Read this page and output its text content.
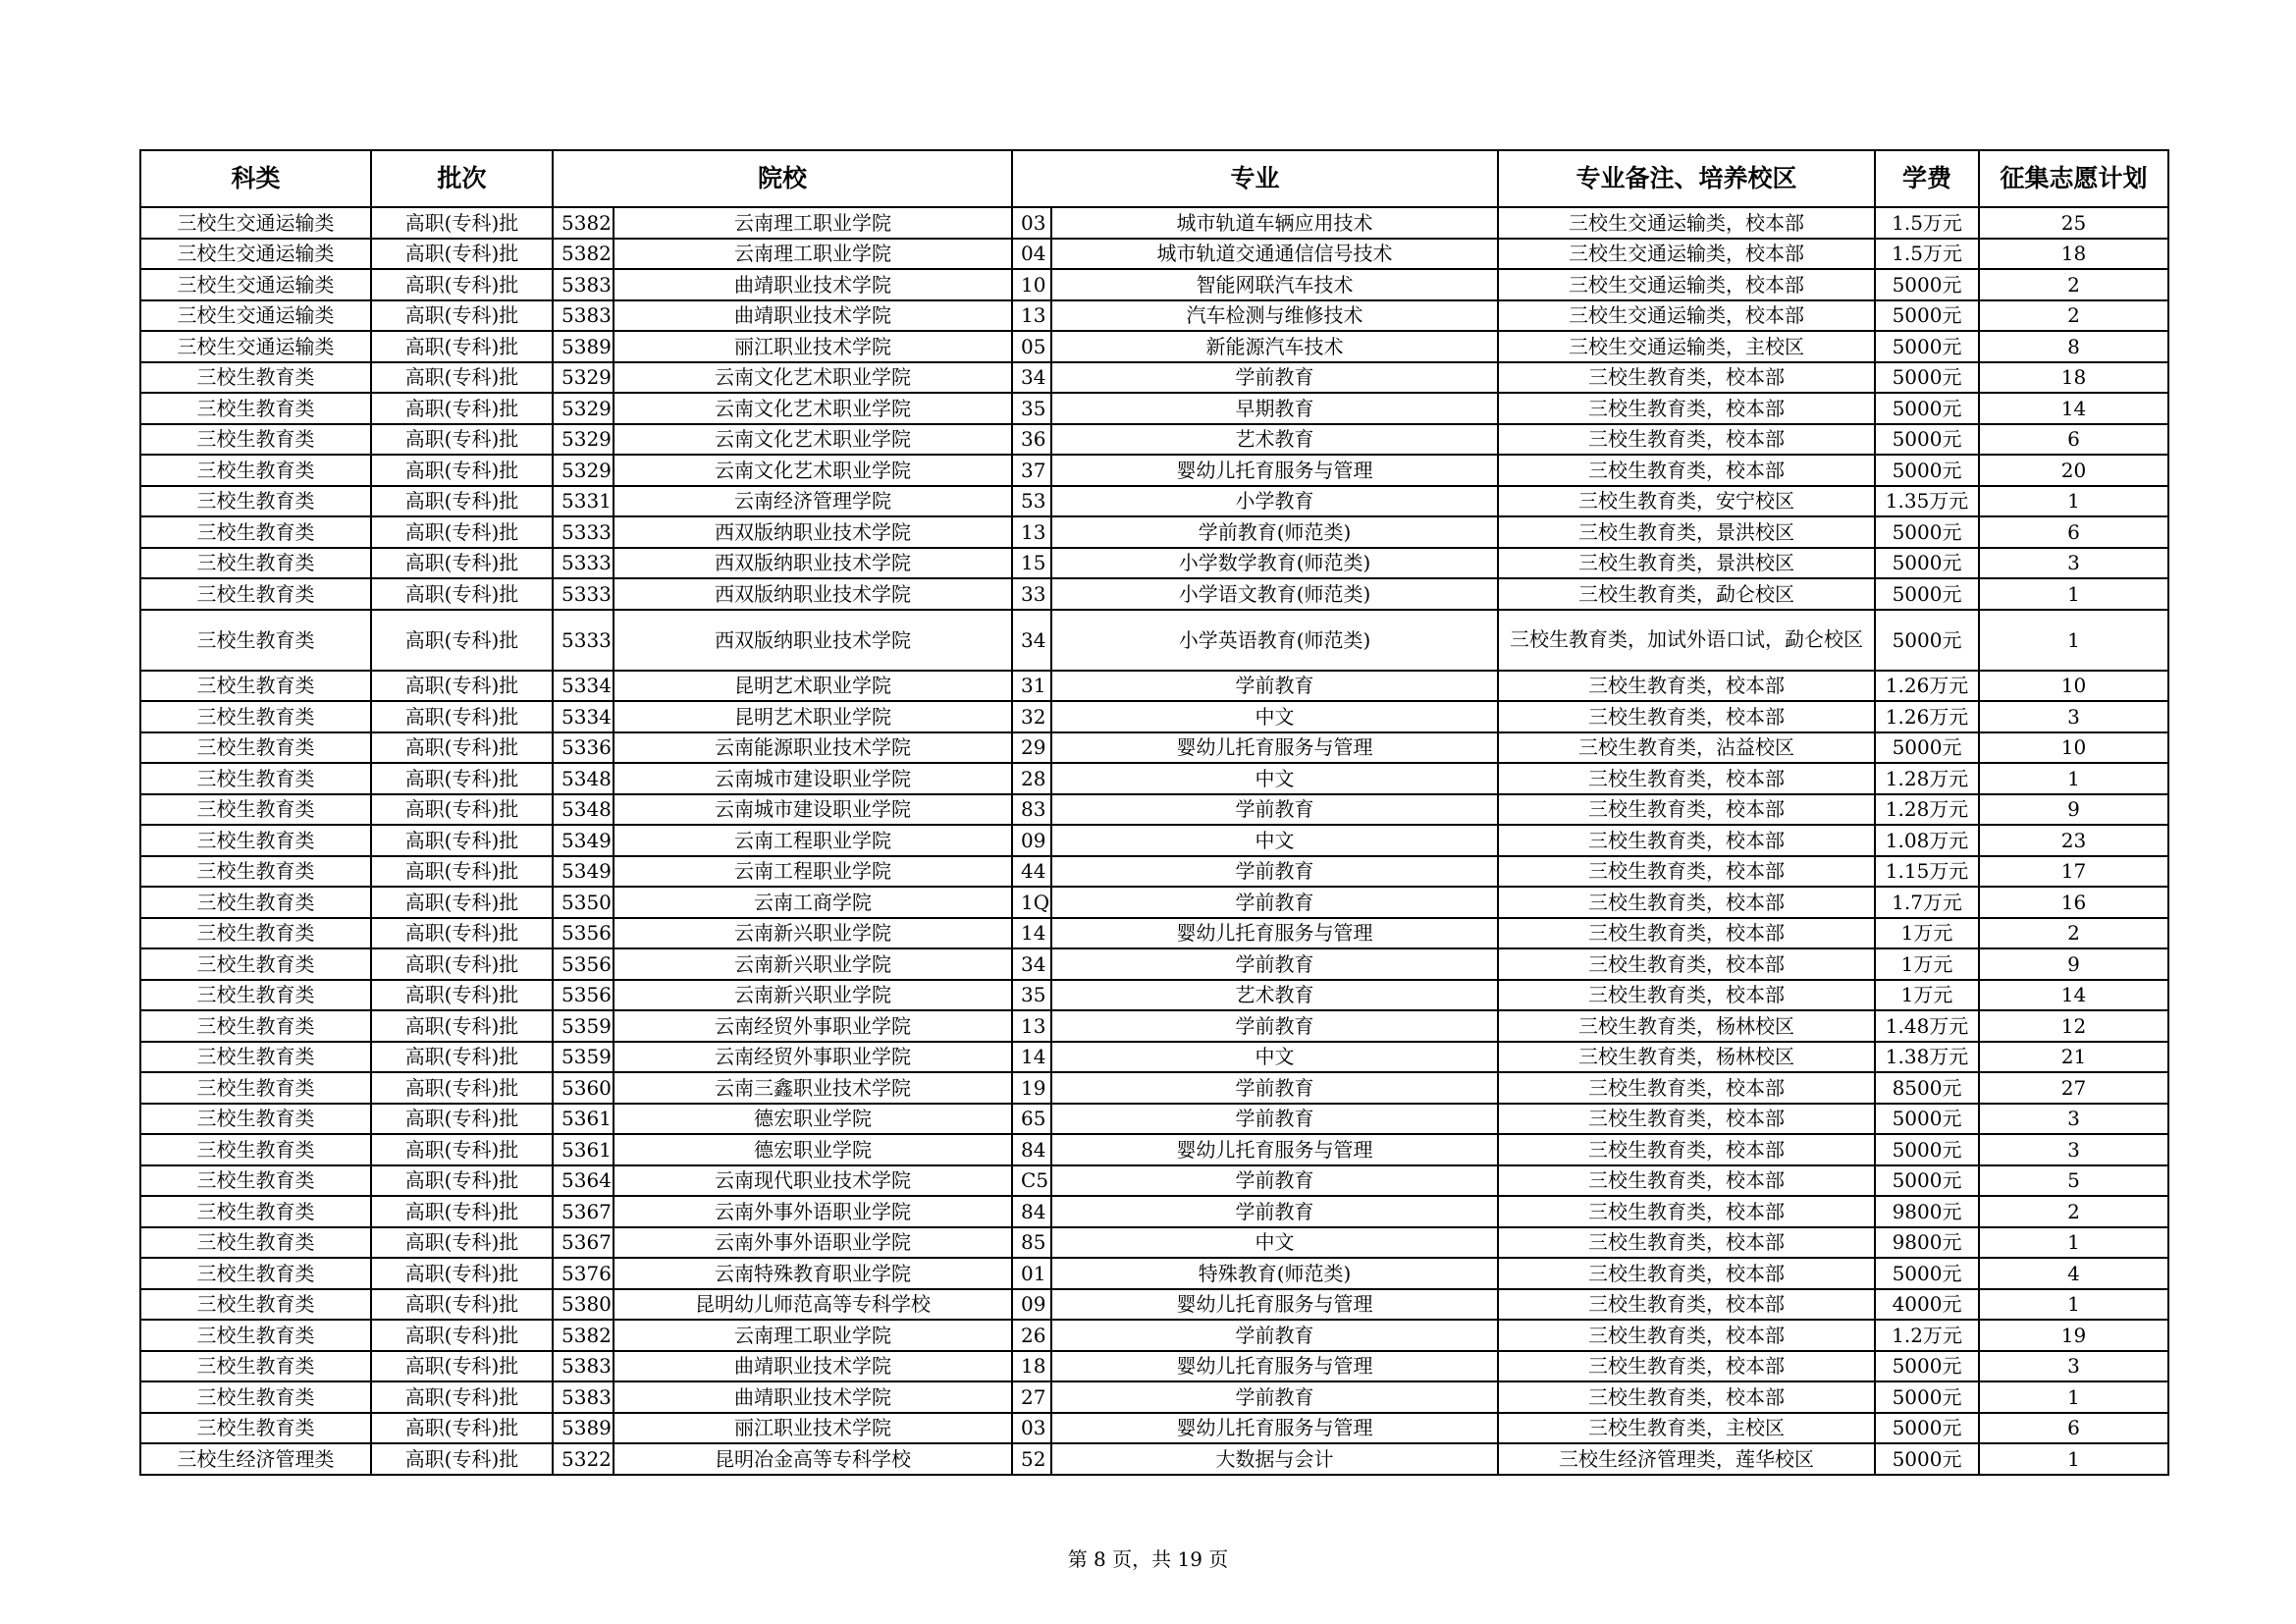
科类	批次	院校		专业		专业备注、培养校区	学费	征集志愿计划
三校生交通运输类	高职(专科)批	5382	云南理工职业学院	03	城市轨道车辆应用技术	三校生交通运输类，校本部	1.5万元	25
三校生交通运输类	高职(专科)批	5382	云南理工职业学院	04	城市轨道交通通信信号技术	三校生交通运输类，校本部	1.5万元	18
三校生交通运输类	高职(专科)批	5383	曲靖职业技术学院	10	智能网联汽车技术	三校生交通运输类，校本部	5000元	2
三校生交通运输类	高职(专科)批	5383	曲靖职业技术学院	13	汽车检测与维修技术	三校生交通运输类，校本部	5000元	2
三校生交通运输类	高职(专科)批	5389	丽江职业技术学院	05	新能源汽车技术	三校生交通运输类，主校区	5000元	8
三校生教育类	高职(专科)批	5329	云南文化艺术职业学院	34	学前教育	三校生教育类，校本部	5000元	18
三校生教育类	高职(专科)批	5329	云南文化艺术职业学院	35	早期教育	三校生教育类，校本部	5000元	14
三校生教育类	高职(专科)批	5329	云南文化艺术职业学院	36	艺术教育	三校生教育类，校本部	5000元	6
三校生教育类	高职(专科)批	5329	云南文化艺术职业学院	37	婴幼儿托育服务与管理	三校生教育类，校本部	5000元	20
三校生教育类	高职(专科)批	5331	云南经济管理学院	53	小学教育	三校生教育类，安宁校区	1.35万元	1
三校生教育类	高职(专科)批	5333	西双版纳职业技术学院	13	学前教育(师范类)	三校生教育类，景洪校区	5000元	6
三校生教育类	高职(专科)批	5333	西双版纳职业技术学院	15	小学数学教育(师范类)	三校生教育类，景洪校区	5000元	3
三校生教育类	高职(专科)批	5333	西双版纳职业技术学院	33	小学语文教育(师范类)	三校生教育类，勐仑校区	5000元	1
三校生教育类	高职(专科)批	5333	西双版纳职业技术学院	34	小学英语教育(师范类)	三校生教育类，加试外语口试，勐仑校区	5000元	1
三校生教育类	高职(专科)批	5334	昆明艺术职业学院	31	学前教育	三校生教育类，校本部	1.26万元	10
三校生教育类	高职(专科)批	5334	昆明艺术职业学院	32	中文	三校生教育类，校本部	1.26万元	3
三校生教育类	高职(专科)批	5336	云南能源职业技术学院	29	婴幼儿托育服务与管理	三校生教育类，沾益校区	5000元	10
三校生教育类	高职(专科)批	5348	云南城市建设职业学院	28	中文	三校生教育类，校本部	1.28万元	1
三校生教育类	高职(专科)批	5348	云南城市建设职业学院	83	学前教育	三校生教育类，校本部	1.28万元	9
三校生教育类	高职(专科)批	5349	云南工程职业学院	09	中文	三校生教育类，校本部	1.08万元	23
三校生教育类	高职(专科)批	5349	云南工程职业学院	44	学前教育	三校生教育类，校本部	1.15万元	17
三校生教育类	高职(专科)批	5350	云南工商学院	1Q	学前教育	三校生教育类，校本部	1.7万元	16
三校生教育类	高职(专科)批	5356	云南新兴职业学院	14	婴幼儿托育服务与管理	三校生教育类，校本部	1万元	2
三校生教育类	高职(专科)批	5356	云南新兴职业学院	34	学前教育	三校生教育类，校本部	1万元	9
三校生教育类	高职(专科)批	5356	云南新兴职业学院	35	艺术教育	三校生教育类，校本部	1万元	14
三校生教育类	高职(专科)批	5359	云南经贸外事职业学院	13	学前教育	三校生教育类，杨林校区	1.48万元	12
三校生教育类	高职(专科)批	5359	云南经贸外事职业学院	14	中文	三校生教育类，杨林校区	1.38万元	21
三校生教育类	高职(专科)批	5360	云南三鑫职业技术学院	19	学前教育	三校生教育类，校本部	8500元	27
三校生教育类	高职(专科)批	5361	德宏职业学院	65	学前教育	三校生教育类，校本部	5000元	3
三校生教育类	高职(专科)批	5361	德宏职业学院	84	婴幼儿托育服务与管理	三校生教育类，校本部	5000元	3
三校生教育类	高职(专科)批	5364	云南现代职业技术学院	C5	学前教育	三校生教育类，校本部	5000元	5
三校生教育类	高职(专科)批	5367	云南外事外语职业学院	84	学前教育	三校生教育类，校本部	9800元	2
三校生教育类	高职(专科)批	5367	云南外事外语职业学院	85	中文	三校生教育类，校本部	9800元	1
三校生教育类	高职(专科)批	5376	云南特殊教育职业学院	01	特殊教育(师范类)	三校生教育类，校本部	5000元	4
三校生教育类	高职(专科)批	5380	昆明幼儿师范高等专科学校	09	婴幼儿托育服务与管理	三校生教育类，校本部	4000元	1
三校生教育类	高职(专科)批	5382	云南理工职业学院	26	学前教育	三校生教育类，校本部	1.2万元	19
三校生教育类	高职(专科)批	5383	曲靖职业技术学院	18	婴幼儿托育服务与管理	三校生教育类，校本部	5000元	3
三校生教育类	高职(专科)批	5383	曲靖职业技术学院	27	学前教育	三校生教育类，校本部	5000元	1
三校生教育类	高职(专科)批	5389	丽江职业技术学院	03	婴幼儿托育服务与管理	三校生教育类，主校区	5000元	6
三校生经济管理类	高职(专科)批	5322	昆明冶金高等专科学校	52	大数据与会计	三校生经济管理类，莲华校区	5000元	1
第 8 页，共 19 页
